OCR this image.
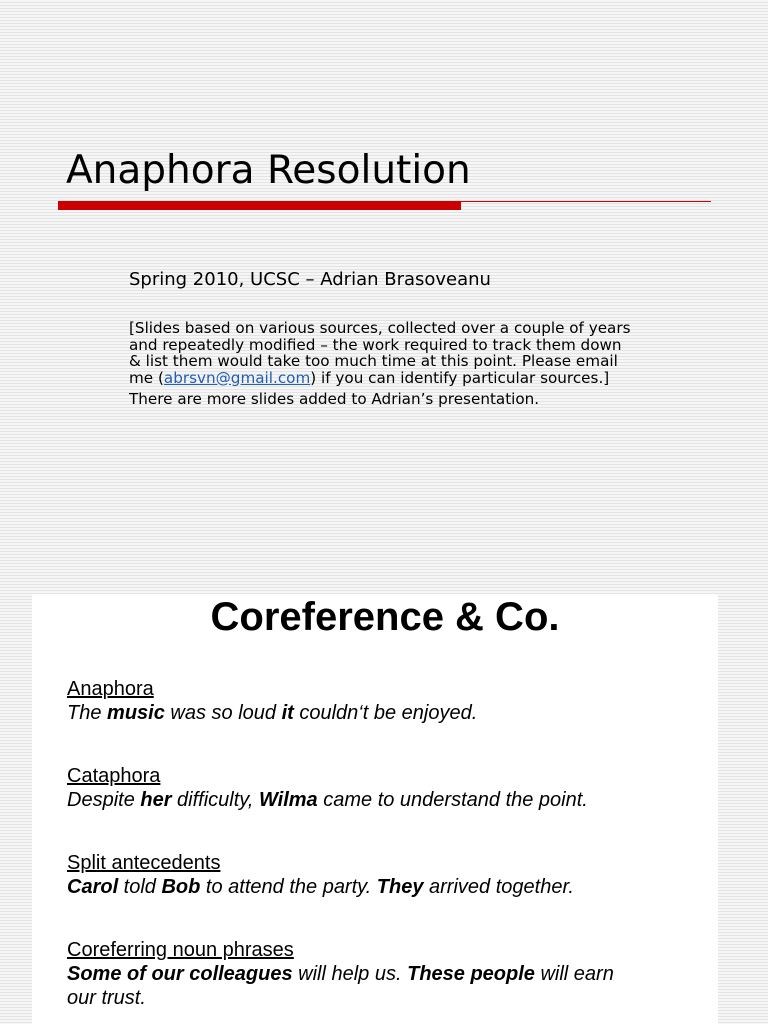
Anaphora Resolution
Spring 2010, UCSC – Adrian Brasoveanu
[Slides based on various sources, collected over a couple of years
and repeatedly modified – the work required to track them down
& list them would take too much time at this point. Please email
me (abrsvn@gmail.com) if you can identify particular sources.]
There are more slides added to Adrian’s presentation.
Coreference & Co.
Anaphora
The music was so loud it couldn‘t be enjoyed.
Cataphora
Despite her difficulty, Wilma came to understand the point.
Split antecedents
Carol told Bob to attend the party. They arrived together.
Coreferring noun phrases
Some of our colleagues will help us. These people will earn
our trust.
